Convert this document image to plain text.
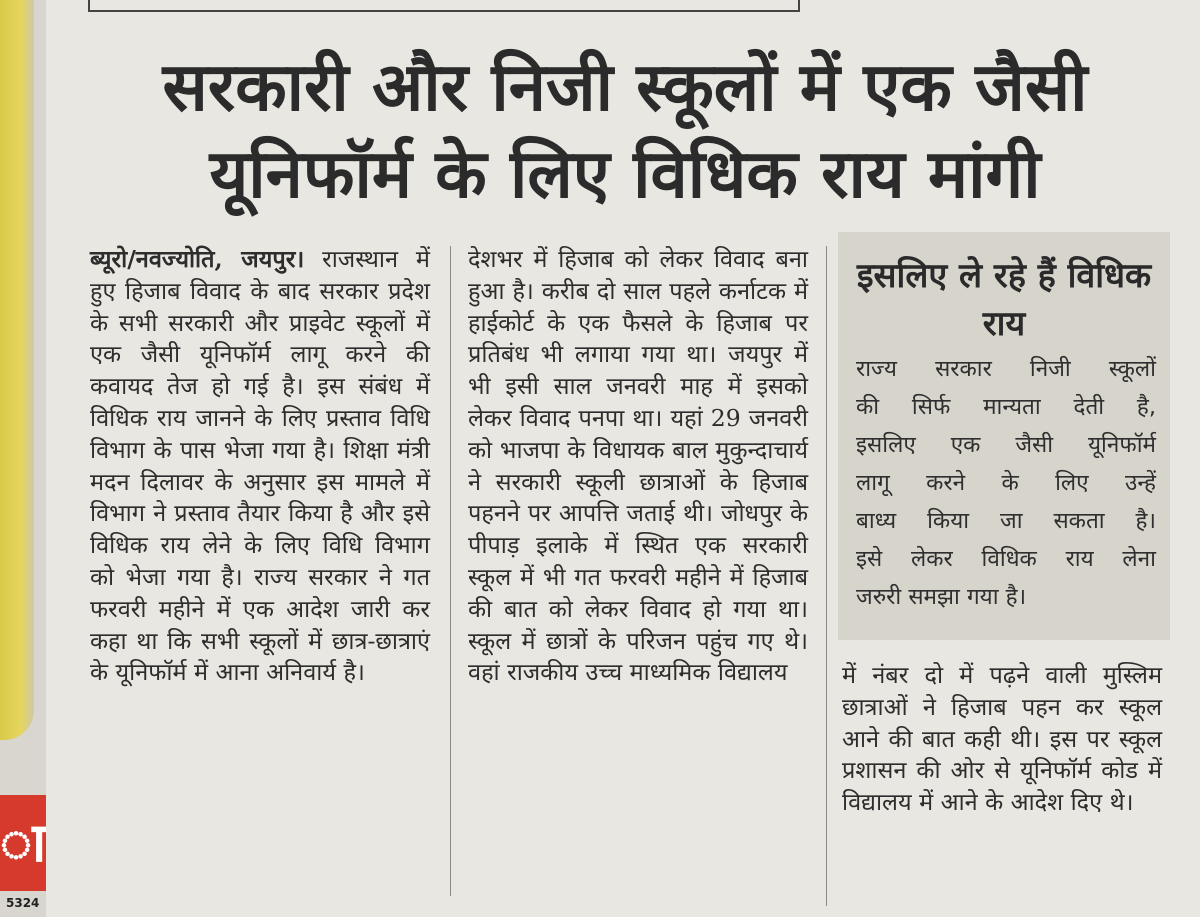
ा
5324
सरकारी और निजी स्कूलों में एक जैसी यूनिफॉर्म के लिए विधिक राय मांगी

ब्यूरो/नवज्योति, जयपुर। राजस्थान में हुए हिजाब विवाद के बाद सरकार प्रदेश के सभी सरकारी और प्राइवेट स्कूलों में एक जैसी यूनिफॉर्म लागू करने की कवायद तेज हो गई है। इस संबंध में विधिक राय जानने के लिए प्रस्ताव विधि विभाग के पास भेजा गया है। शिक्षा मंत्री मदन दिलावर के अनुसार इस मामले में विभाग ने प्रस्ताव तैयार किया है और इसे विधिक राय लेने के लिए विधि विभाग को भेजा गया है। राज्य सरकार ने गत फरवरी महीने में एक आदेश जारी कर कहा था कि सभी स्कूलों में छात्र-छात्राएं के यूनिफॉर्म में आना अनिवार्य है।

देशभर में हिजाब को लेकर विवाद बना हुआ है। करीब दो साल पहले कर्नाटक में हाईकोर्ट के एक फैसले के हिजाब पर प्रतिबंध भी लगाया गया था। जयपुर में भी इसी साल जनवरी माह में इसको लेकर विवाद पनपा था। यहां 29 जनवरी को भाजपा के विधायक बाल मुकुन्दाचार्य ने सरकारी स्कूली छात्राओं के हिजाब पहनने पर आपत्ति जताई थी। जोधपुर के पीपाड़ इलाके में स्थित एक सरकारी स्कूल में भी गत फरवरी महीने में हिजाब की बात को लेकर विवाद हो गया था। स्कूल में छात्रों के परिजन पहुंच गए थे। वहां राजकीय उच्च माध्यमिक विद्यालय

इसलिए ले रहे हैं विधिक राय

राज्य सरकार निजी स्कूलों
की सिर्फ मान्यता देती है,
इसलिए एक जैसी यूनिफॉर्म
लागू करने के लिए उन्हें
बाध्य किया जा सकता है।
इसे लेकर विधिक राय लेना
जरुरी समझा गया है।

में नंबर दो में पढ़ने वाली मुस्लिम छात्राओं ने हिजाब पहन कर स्कूल आने की बात कही थी। इस पर स्कूल प्रशासन की ओर से यूनिफॉर्म कोड में विद्यालय में आने के आदेश दिए थे।
